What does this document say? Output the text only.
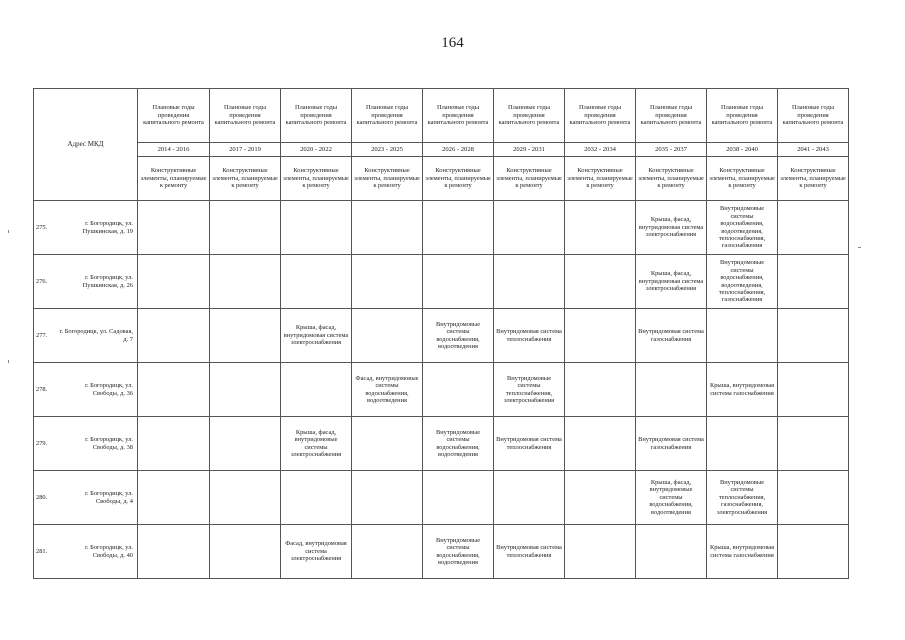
164
Адрес МКД		Плановые годы проведения капитального ремонта	Плановые годы проведения капитального ремонта	Плановые годы проведения капитального ремонта	Плановые годы проведения капитального ремонта	Плановые годы проведения капитального ремонта	Плановые годы проведения капитального ремонта	Плановые годы проведения капитального ремонта	Плановые годы проведения капитального ремонта	Плановые годы проведения капитального ремонта	Плановые годы проведения капитального ремонта
		2014 - 2016	2017 - 2019	2020 - 2022	2023 - 2025	2026 - 2028	2029 - 2031	2032 - 2034	2035 - 2037	2038 - 2040	2041 - 2043
		Конструктивные элементы, планируемые к ремонту	Конструктивные элементы, планируемые к ремонту	Конструктивные элементы, планируемые к ремонту	Конструктивные элементы, планируемые к ремонту	Конструктивные элементы, планируемые к ремонту	Конструктивные элементы, планируемые к ремонту	Конструктивные элементы, планируемые к ремонту	Конструктивные элементы, планируемые к ремонту	Конструктивные элементы, планируемые к ремонту	Конструктивные элементы, планируемые к ремонту
275.	г. Богородицк, ул. Пушкинская, д. 19								Крыша, фасад, внутридомовая система электроснабжения	Внутридомовые системы водоснабжения, водоотведения, теплоснабжения, газоснабжения	
276.	г. Богородицк, ул. Пушкинская, д. 26								Крыша, фасад, внутридомовая система электроснабжения	Внутридомовые системы водоснабжения, водоотведения, теплоснабжения, газоснабжения	
277.	г. Богородицк, ул. Садовая, д. 7			Крыша, фасад, внутридомовая система электроснабжения		Внутридомовые системы водоснабжения, водоотведения	Внутридомовая система теплоснабжения		Внутридомовая система газоснабжения		
278.	г. Богородицк, ул. Свободы, д. 36				Фасад, внутридомовые системы водоснабжения, водоотведения		Внутридомовые системы теплоснабжения, электроснабжения			Крыша, внутридомовая система газоснабжения	
279.	г. Богородицк, ул. Свободы, д. 38			Крыша, фасад, внутридомовые системы электроснабжения		Внутридомовые системы водоснабжения, водоотведения	Внутридомовая система теплоснабжения		Внутридомовая система газоснабжения		
280.	г. Богородицк, ул. Свободы, д. 4								Крыша, фасад, внутридомовые системы водоснабжения, водоотведения	Внутридомовые системы теплоснабжения, газоснабжения, электроснабжения	
281.	г. Богородицк, ул. Свободы, д. 40			Фасад, внутридомовая система электроснабжения		Внутридомовые системы водоснабжения, водоотведения	Внутридомовая система теплоснабжения			Крыша, внутридомовая система газоснабжения	
